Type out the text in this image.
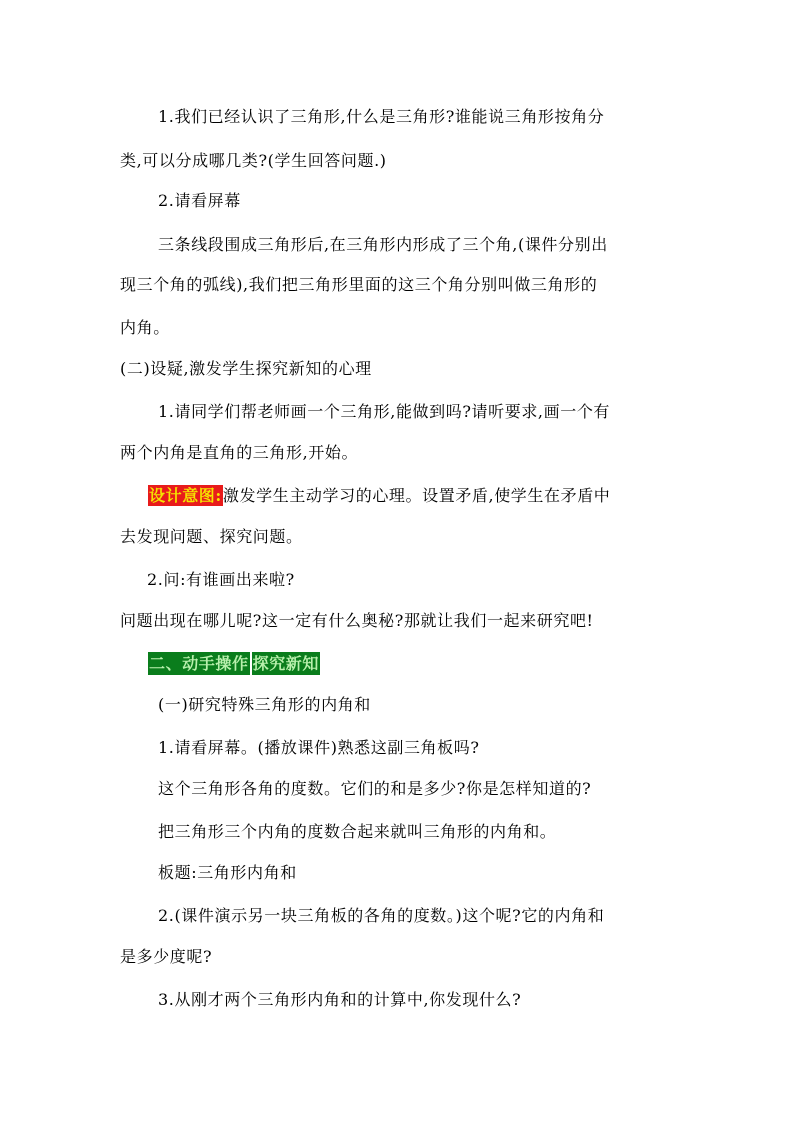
1.我们已经认识了三角形,什么是三角形?谁能说三角形按角分
类,可以分成哪几类?(学生回答问题.)
2.请看屏幕
三条线段围成三角形后,在三角形内形成了三个角,(课件分别出
现三个角的弧线),我们把三角形里面的这三个角分别叫做三角形的
内角。
(二)设疑,激发学生探究新知的心理
1.请同学们帮老师画一个三角形,能做到吗?请听要求,画一个有
两个内角是直角的三角形,开始。
设计意图:激发学生主动学习的心理。设置矛盾,使学生在矛盾中
去发现问题、探究问题。
2.问:有谁画出来啦?
问题出现在哪儿呢?这一定有什么奥秘?那就让我们一起来研究吧!
二、动手操作 探究新知
(一)研究特殊三角形的内角和
1.请看屏幕。(播放课件)熟悉这副三角板吗?
这个三角形各角的度数。它们的和是多少?你是怎样知道的?
把三角形三个内角的度数合起来就叫三角形的内角和。
板题:三角形内角和
2.(课件演示另一块三角板的各角的度数。)这个呢?它的内角和
是多少度呢?
3.从刚才两个三角形内角和的计算中,你发现什么?
